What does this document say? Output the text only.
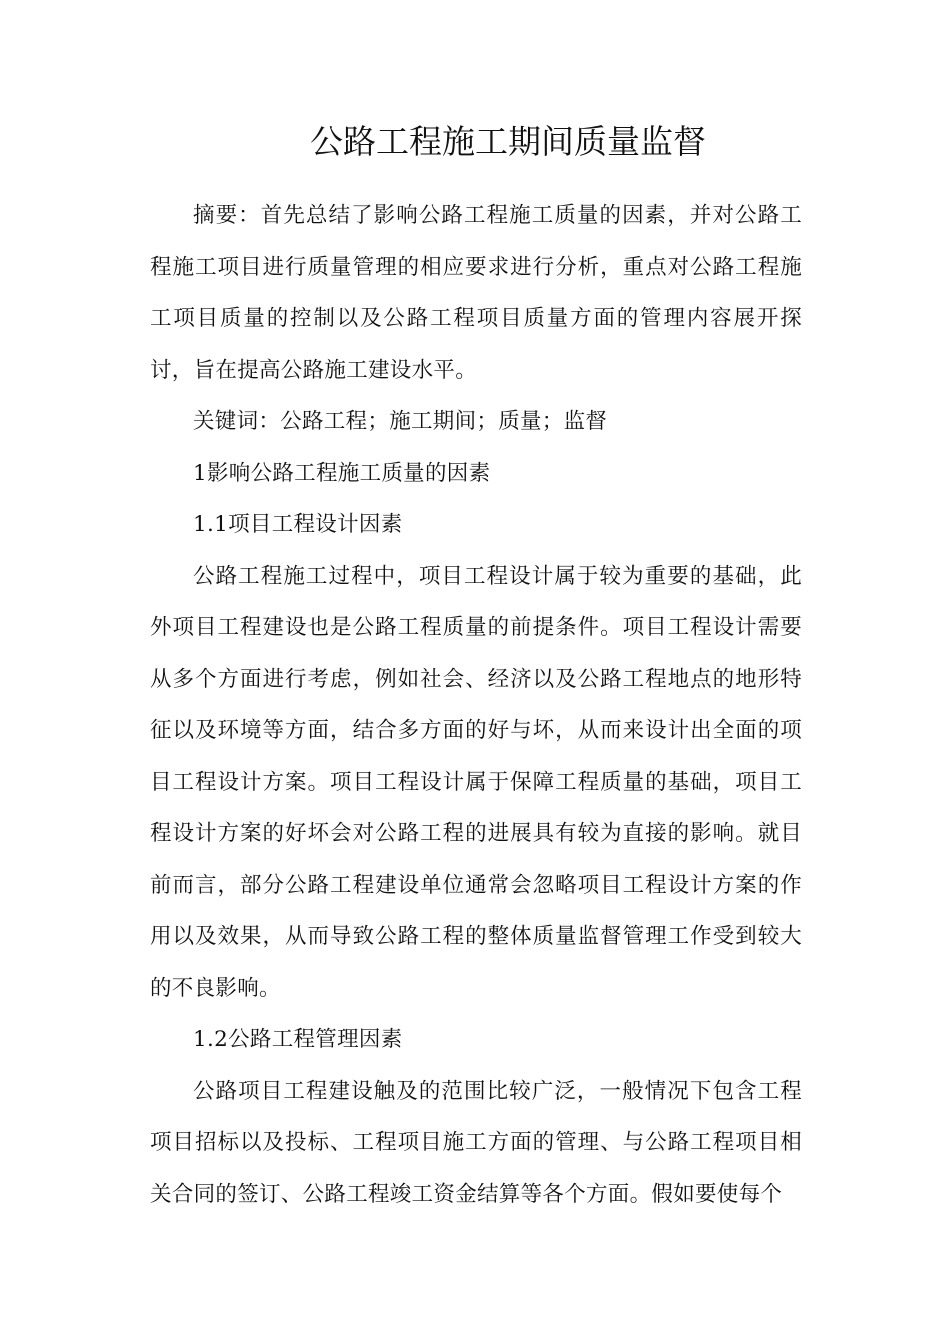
公路工程施工期间质量监督

摘要：首先总结了影响公路工程施工质量的因素，并对公路工程施工项目进行质量管理的相应要求进行分析，重点对公路工程施工项目质量的控制以及公路工程项目质量方面的管理内容展开探讨，旨在提高公路施工建设水平。

关键词：公路工程；施工期间；质量；监督

1影响公路工程施工质量的因素

1.1项目工程设计因素

公路工程施工过程中，项目工程设计属于较为重要的基础，此外项目工程建设也是公路工程质量的前提条件。项目工程设计需要从多个方面进行考虑，例如社会、经济以及公路工程地点的地形特征以及环境等方面，结合多方面的好与坏，从而来设计出全面的项目工程设计方案。项目工程设计属于保障工程质量的基础，项目工程设计方案的好坏会对公路工程的进展具有较为直接的影响。就目前而言，部分公路工程建设单位通常会忽略项目工程设计方案的作用以及效果，从而导致公路工程的整体质量监督管理工作受到较大的不良影响。

1.2公路工程管理因素

公路项目工程建设触及的范围比较广泛，一般情况下包含工程项目招标以及投标、工程项目施工方面的管理、与公路工程项目相关合同的签订、公路工程竣工资金结算等各个方面。假如要使每个
